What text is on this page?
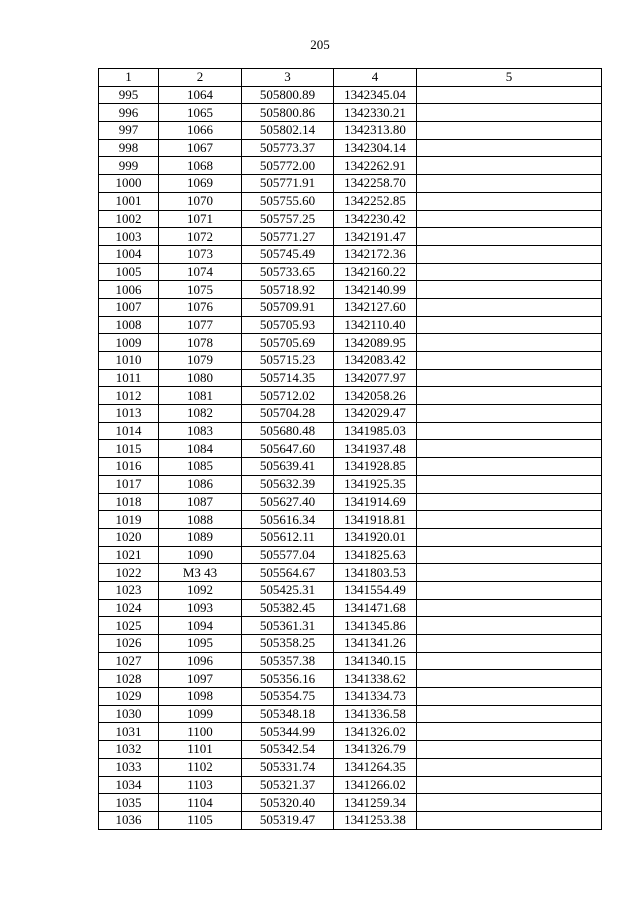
205
1	2	3	4	5
995	1064	505800.89	1342345.04	
996	1065	505800.86	1342330.21	
997	1066	505802.14	1342313.80	
998	1067	505773.37	1342304.14	
999	1068	505772.00	1342262.91	
1000	1069	505771.91	1342258.70	
1001	1070	505755.60	1342252.85	
1002	1071	505757.25	1342230.42	
1003	1072	505771.27	1342191.47	
1004	1073	505745.49	1342172.36	
1005	1074	505733.65	1342160.22	
1006	1075	505718.92	1342140.99	
1007	1076	505709.91	1342127.60	
1008	1077	505705.93	1342110.40	
1009	1078	505705.69	1342089.95	
1010	1079	505715.23	1342083.42	
1011	1080	505714.35	1342077.97	
1012	1081	505712.02	1342058.26	
1013	1082	505704.28	1342029.47	
1014	1083	505680.48	1341985.03	
1015	1084	505647.60	1341937.48	
1016	1085	505639.41	1341928.85	
1017	1086	505632.39	1341925.35	
1018	1087	505627.40	1341914.69	
1019	1088	505616.34	1341918.81	
1020	1089	505612.11	1341920.01	
1021	1090	505577.04	1341825.63	
1022	МЗ 43	505564.67	1341803.53	
1023	1092	505425.31	1341554.49	
1024	1093	505382.45	1341471.68	
1025	1094	505361.31	1341345.86	
1026	1095	505358.25	1341341.26	
1027	1096	505357.38	1341340.15	
1028	1097	505356.16	1341338.62	
1029	1098	505354.75	1341334.73	
1030	1099	505348.18	1341336.58	
1031	1100	505344.99	1341326.02	
1032	1101	505342.54	1341326.79	
1033	1102	505331.74	1341264.35	
1034	1103	505321.37	1341266.02	
1035	1104	505320.40	1341259.34	
1036	1105	505319.47	1341253.38	
